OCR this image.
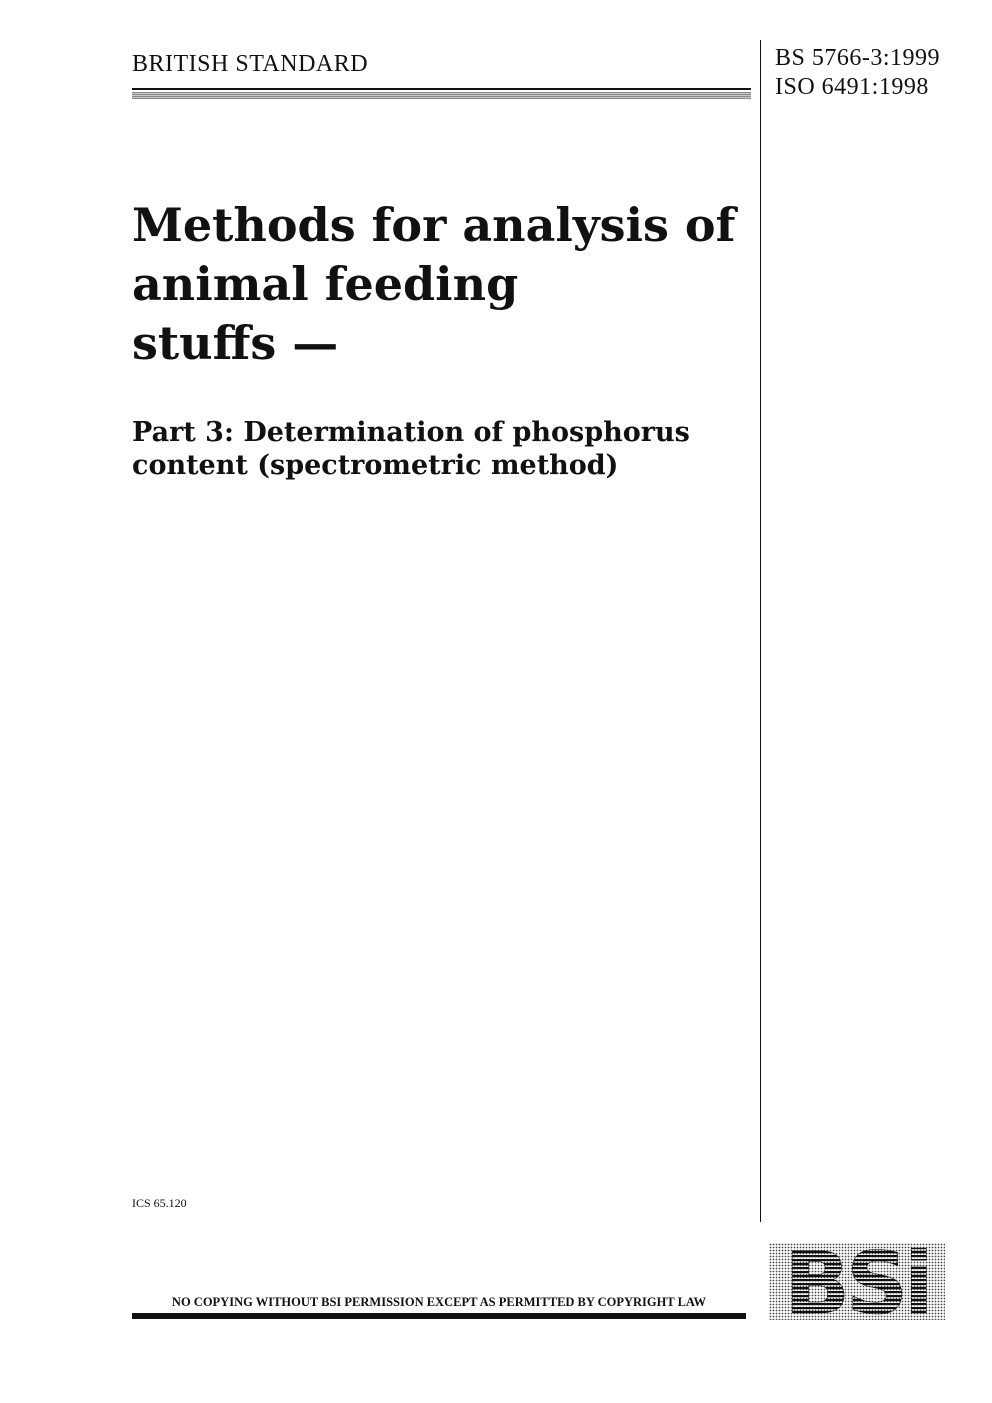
BRITISH STANDARD	BS 5766-3:1999
ISO 6491:1998
Methods for analysis of
animal feeding
stuffs —
Part 3: Determination of phosphorus
content (spectrometric method)
ICS 65.120
NO COPYING WITHOUT BSI PERMISSION EXCEPT AS PERMITTED BY COPYRIGHT LAW BSi
